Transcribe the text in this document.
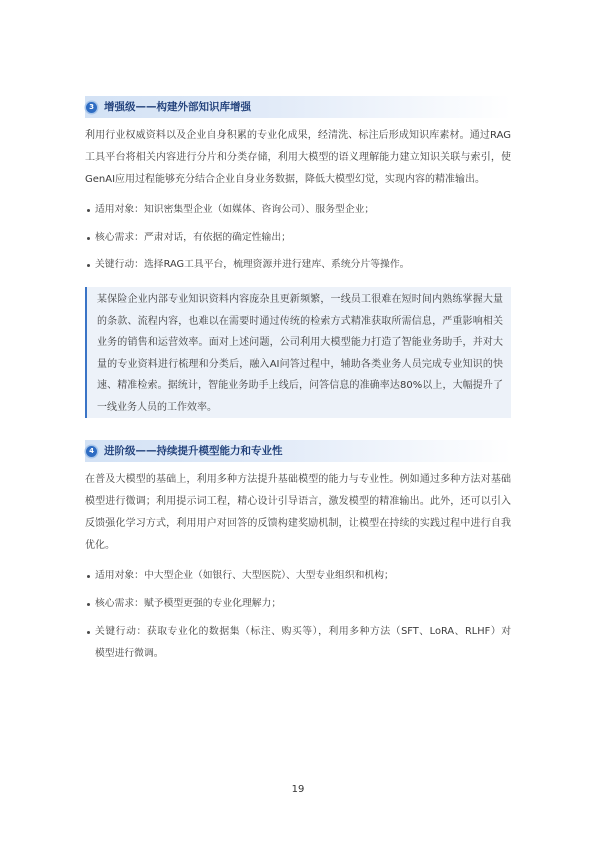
3 增强级——构建外部知识库增强
利用行业权威资料以及企业自身积累的专业化成果，经清洗、标注后形成知识库素材。通过RAG
工具平台将相关内容进行分片和分类存储，利用大模型的语义理解能力建立知识关联与索引，使
GenAI应用过程能够充分结合企业自身业务数据，降低大模型幻觉，实现内容的精准输出。
适用对象：知识密集型企业（如媒体、咨询公司）、服务型企业；
核心需求：严肃对话，有依据的确定性输出；
关键行动：选择RAG工具平台，梳理资源并进行建库、系统分片等操作。
某保险企业内部专业知识资料内容庞杂且更新频繁，一线员工很难在短时间内熟练掌握大量
的条款、流程内容，也难以在需要时通过传统的检索方式精准获取所需信息，严重影响相关
业务的销售和运营效率。面对上述问题，公司利用大模型能力打造了智能业务助手，并对大
量的专业资料进行梳理和分类后，融入AI问答过程中，辅助各类业务人员完成专业知识的快
速、精准检索。据统计，智能业务助手上线后，问答信息的准确率达80%以上，大幅提升了
一线业务人员的工作效率。
4 进阶级——持续提升模型能力和专业性
在普及大模型的基础上，利用多种方法提升基础模型的能力与专业性。例如通过多种方法对基础
模型进行微调；利用提示词工程，精心设计引导语言，激发模型的精准输出。此外，还可以引入
反馈强化学习方式，利用用户对回答的反馈构建奖励机制，让模型在持续的实践过程中进行自我
优化。
适用对象：中大型企业（如银行、大型医院）、大型专业组织和机构；
核心需求：赋予模型更强的专业化理解力；
关键行动：获取专业化的数据集（标注、购买等），利用多种方法（SFT、LoRA、RLHF）对
模型进行微调。
19
